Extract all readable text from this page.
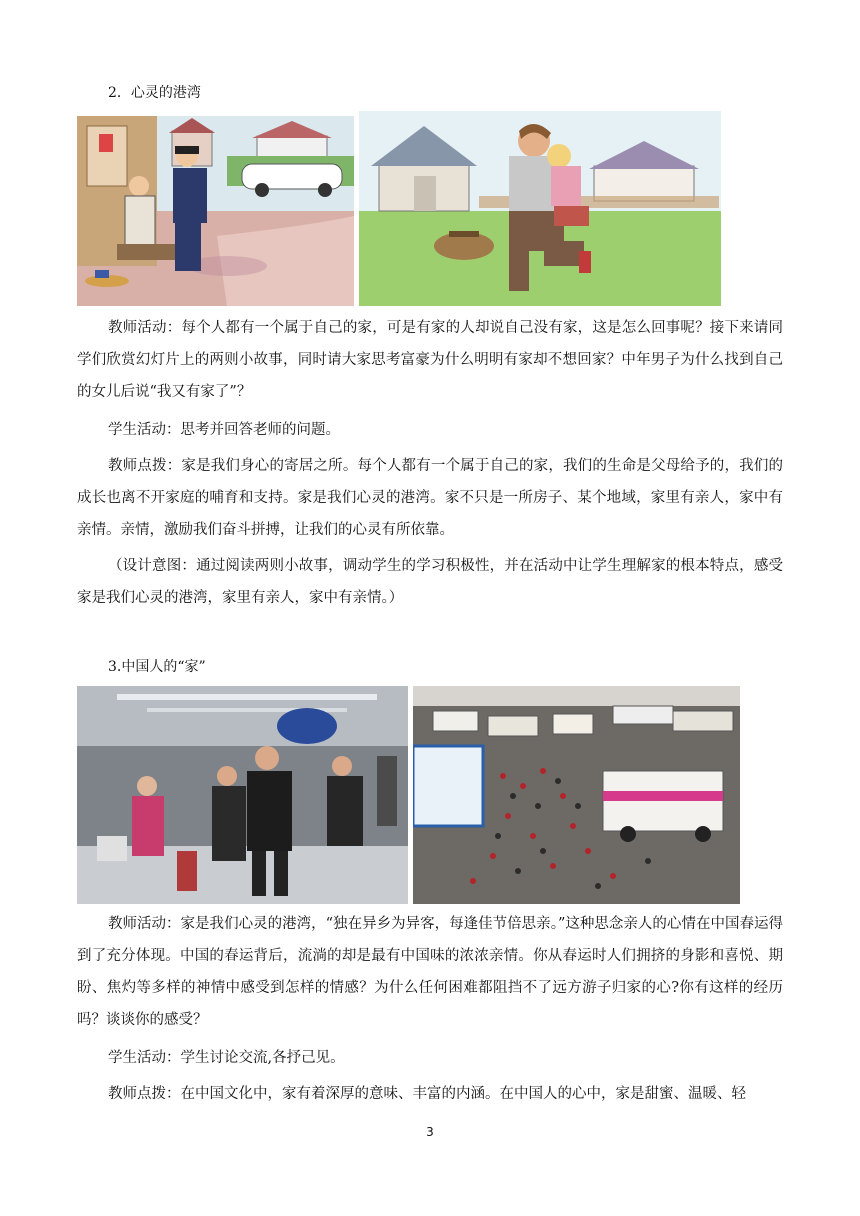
2．心灵的港湾

教师活动：每个人都有一个属于自己的家，可是有家的人却说自己没有家，这是怎么回事呢？接下来请同学们欣赏幻灯片上的两则小故事，同时请大家思考富豪为什么明明有家却不想回家？中年男子为什么找到自己的女儿后说“我又有家了”？

学生活动：思考并回答老师的问题。

教师点拨：家是我们身心的寄居之所。每个人都有一个属于自己的家，我们的生命是父母给予的，我们的成长也离不开家庭的哺育和支持。家是我们心灵的港湾。家不只是一所房子、某个地域，家里有亲人，家中有亲情。亲情，激励我们奋斗拼搏，让我们的心灵有所依靠。

（设计意图：通过阅读两则小故事，调动学生的学习积极性，并在活动中让学生理解家的根本特点，感受家是我们心灵的港湾，家里有亲人，家中有亲情。）

3.中国人的“家”

教师活动：家是我们心灵的港湾，“独在异乡为异客，每逢佳节倍思亲。”这种思念亲人的心情在中国春运得到了充分体现。中国的春运背后，流淌的却是最有中国味的浓浓亲情。你从春运时人们拥挤的身影和喜悦、期盼、焦灼等多样的神情中感受到怎样的情感？为什么任何困难都阻挡不了远方游子归家的心?你有这样的经历吗？谈谈你的感受？

学生活动：学生讨论交流,各抒己见。

教师点拨：在中国文化中，家有着深厚的意味、丰富的内涵。在中国人的心中，家是甜蜜、温暖、轻

3
